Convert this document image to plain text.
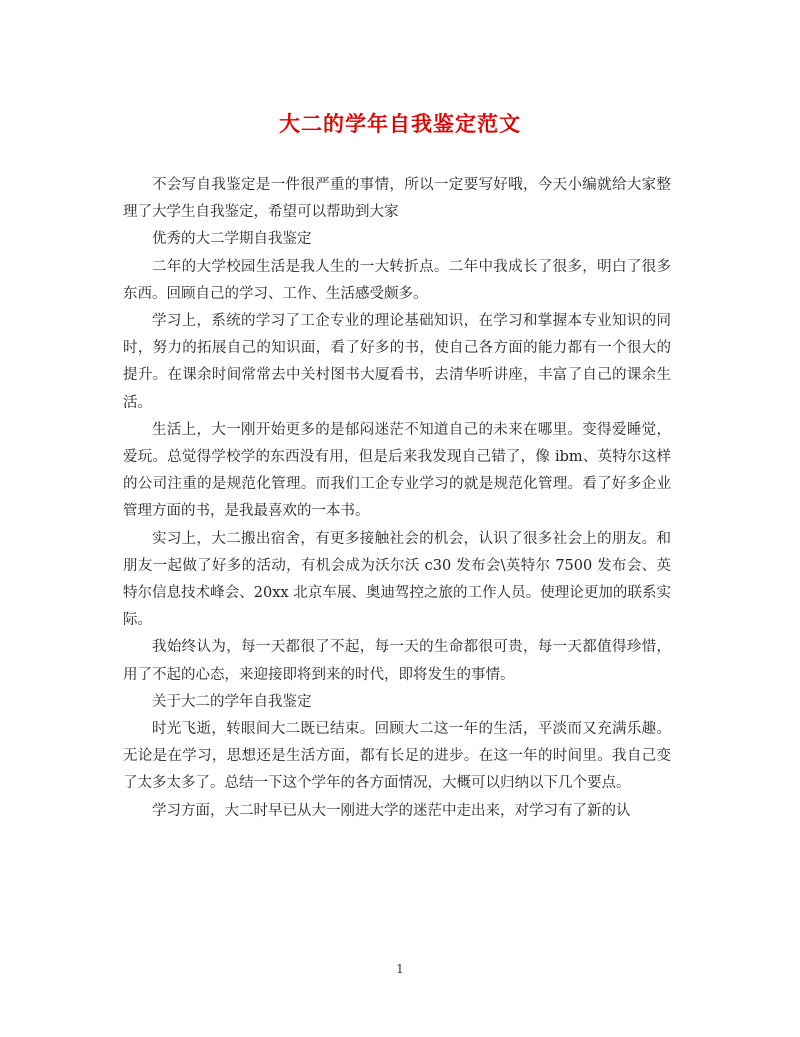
大二的学年自我鉴定范文

不会写自我鉴定是一件很严重的事情，所以一定要写好哦，今天小编就给大家整理了大学生自我鉴定，希望可以帮助到大家

优秀的大二学期自我鉴定

二年的大学校园生活是我人生的一大转折点。二年中我成长了很多，明白了很多东西。回顾自己的学习、工作、生活感受颇多。

学习上，系统的学习了工企专业的理论基础知识，在学习和掌握本专业知识的同时，努力的拓展自己的知识面，看了好多的书，使自己各方面的能力都有一个很大的提升。在课余时间常常去中关村图书大厦看书，去清华听讲座，丰富了自己的课余生活。

生活上，大一刚开始更多的是郁闷迷茫不知道自己的未来在哪里。变得爱睡觉，爱玩。总觉得学校学的东西没有用，但是后来我发现自己错了，像 ibm、英特尔这样的公司注重的是规范化管理。而我们工企专业学习的就是规范化管理。看了好多企业管理方面的书，是我最喜欢的一本书。

实习上，大二搬出宿舍，有更多接触社会的机会，认识了很多社会上的朋友。和朋友一起做了好多的活动，有机会成为沃尔沃 c30 发布会\英特尔 7500 发布会、英特尔信息技术峰会、20xx 北京车展、奥迪驾控之旅的工作人员。使理论更加的联系实际。

我始终认为，每一天都很了不起，每一天的生命都很可贵，每一天都值得珍惜，用了不起的心态，来迎接即将到来的时代，即将发生的事情。

关于大二的学年自我鉴定

时光飞逝，转眼间大二既已结束。回顾大二这一年的生活，平淡而又充满乐趣。无论是在学习，思想还是生活方面，都有长足的进步。在这一年的时间里。我自己变了太多太多了。总结一下这个学年的各方面情况，大概可以归纳以下几个要点。

学习方面，大二时早已从大一刚进大学的迷茫中走出来，对学习有了新的认

1
